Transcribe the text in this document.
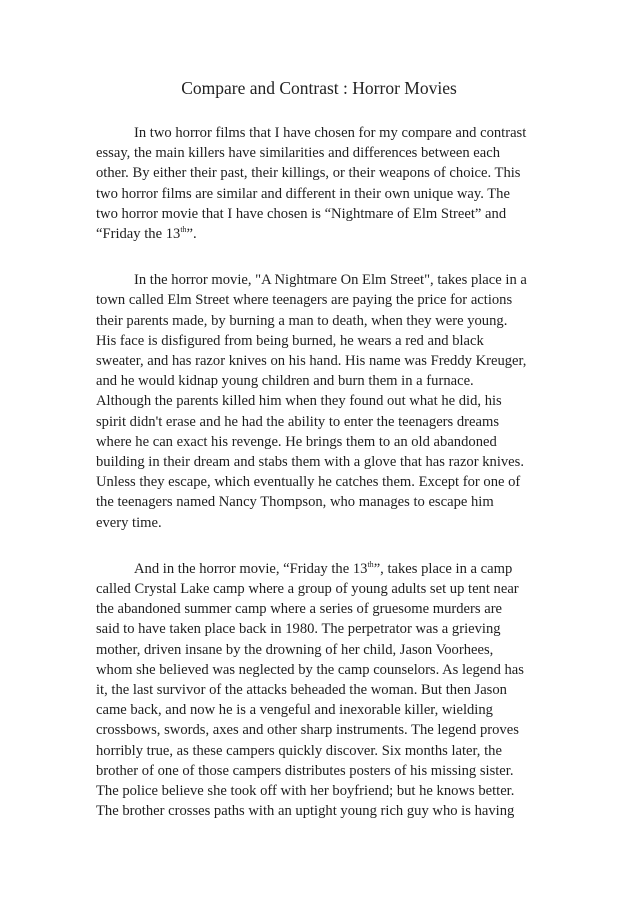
Compare and Contrast : Horror Movies
In two horror films that I have chosen for my compare and contrast
essay, the main killers have similarities and differences between each
other. By either their past, their killings, or their weapons of choice. This
two horror films are similar and different in their own unique way. The
two horror movie that I have chosen is “Nightmare of Elm Street” and
“Friday the 13th”.
In the horror movie, "A Nightmare On Elm Street", takes place in a
town called Elm Street where teenagers are paying the price for actions
their parents made, by burning a man to death, when they were young.
His face is disfigured from being burned, he wears a red and black
sweater, and has razor knives on his hand. His name was Freddy Kreuger,
and he would kidnap young children and burn them in a furnace.
Although the parents killed him when they found out what he did, his
spirit didn't erase and he had the ability to enter the teenagers dreams
where he can exact his revenge. He brings them to an old abandoned
building in their dream and stabs them with a glove that has razor knives.
Unless they escape, which eventually he catches them. Except for one of
the teenagers named Nancy Thompson, who manages to escape him
every time.
And in the horror movie, “Friday the 13th”, takes place in a camp
called Crystal Lake camp where a group of young adults set up tent near
the abandoned summer camp where a series of gruesome murders are
said to have taken place back in 1980. The perpetrator was a grieving
mother, driven insane by the drowning of her child, Jason Voorhees,
whom she believed was neglected by the camp counselors. As legend has
it, the last survivor of the attacks beheaded the woman. But then Jason
came back, and now he is a vengeful and inexorable killer, wielding
crossbows, swords, axes and other sharp instruments. The legend proves
horribly true, as these campers quickly discover. Six months later, the
brother of one of those campers distributes posters of his missing sister.
The police believe she took off with her boyfriend; but he knows better.
The brother crosses paths with an uptight young rich guy who is having
